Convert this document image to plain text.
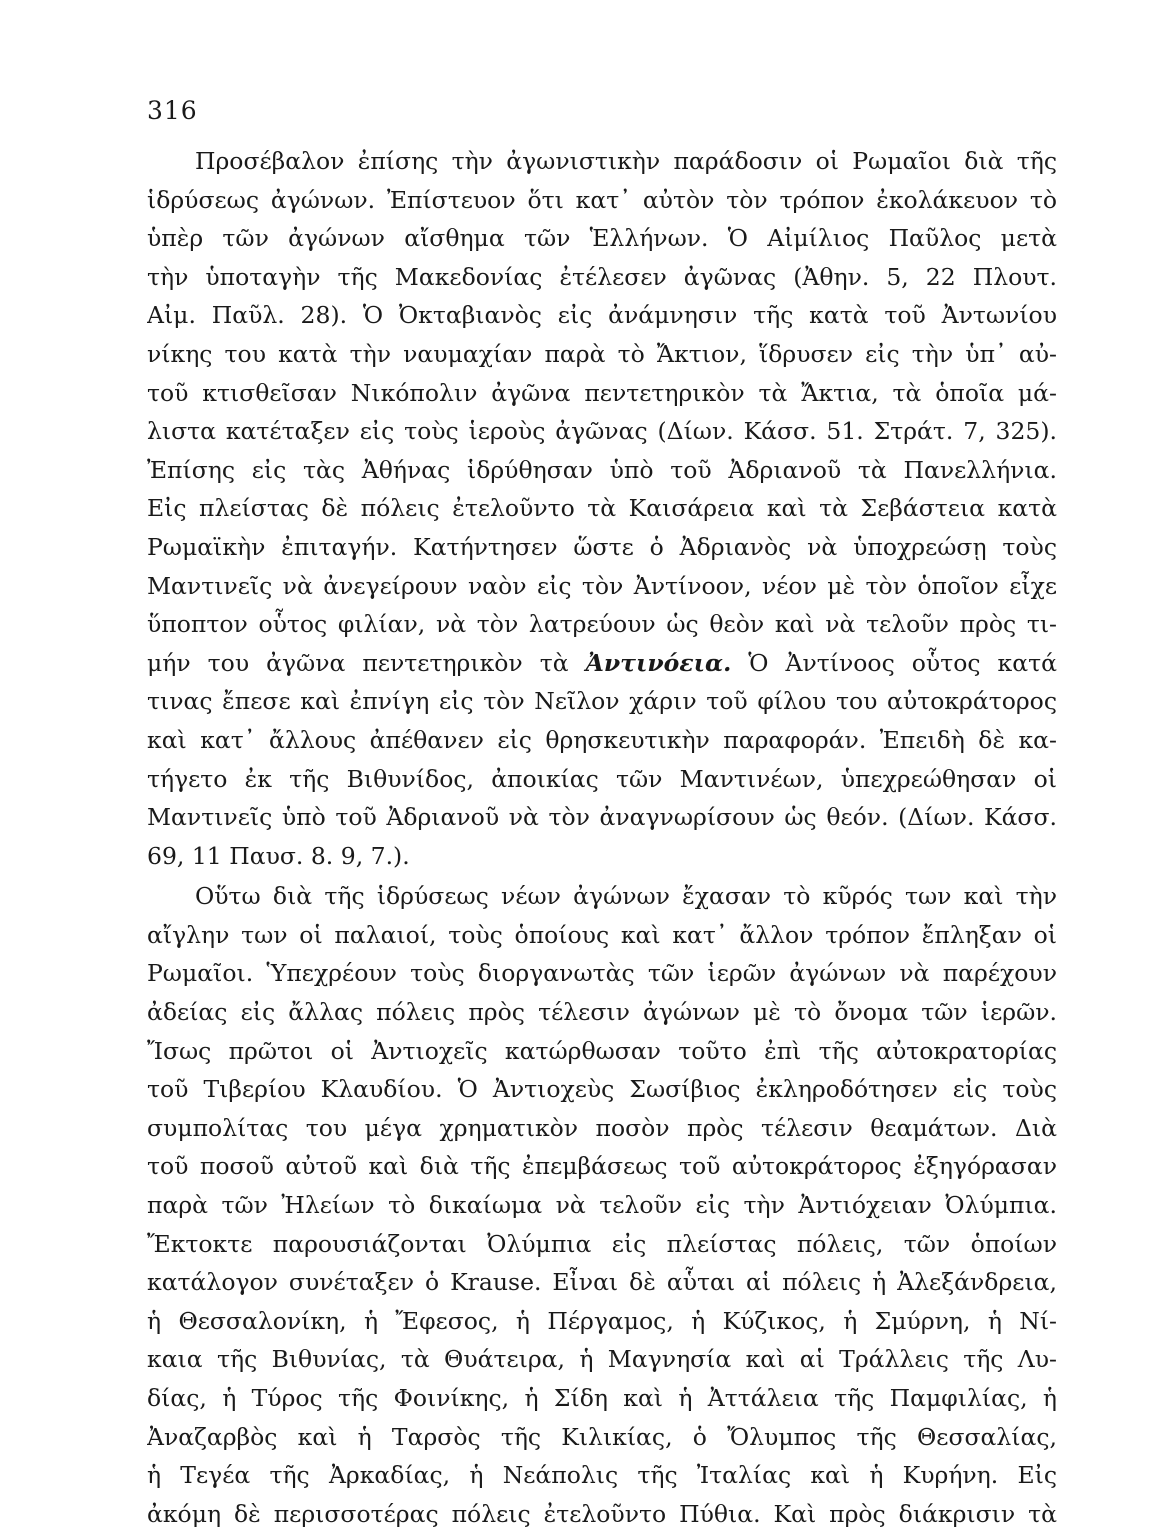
316
Προσέβαλον ἐπίσης τὴν ἀγωνιστικὴν παράδοσιν οἱ Ρωμαῖοι διὰ τῆς
ἱδρύσεως ἀγώνων. Ἐπίστευον ὅτι κατ᾽ αὐτὸν τὸν τρόπον ἐκολάκευον τὸ
ὑπὲρ τῶν ἀγώνων αἴσθημα τῶν Ἑλλήνων. Ὁ Αἰμίλιος Παῦλος μετὰ
τὴν ὑποταγὴν τῆς Μακεδονίας ἐτέλεσεν ἀγῶνας (Ἀθην. 5, 22 Πλουτ.
Αἰμ. Παῦλ. 28). Ὁ Ὀκταβιανὸς εἰς ἀνάμνησιν τῆς κατὰ τοῦ Ἀντωνίου
νίκης του κατὰ τὴν ναυμαχίαν παρὰ τὸ Ἄκτιον, ἵδρυσεν εἰς τὴν ὑπ᾽ αὐ-
τοῦ κτισθεῖσαν Νικόπολιν ἀγῶνα πεντετηρικὸν τὰ Ἄκτια, τὰ ὁποῖα μά-
λιστα κατέταξεν εἰς τοὺς ἱεροὺς ἀγῶνας (Δίων. Κάσσ. 51. Στράτ. 7, 325).
Ἐπίσης εἰς τὰς Ἀθήνας ἱδρύθησαν ὑπὸ τοῦ Ἀδριανοῦ τὰ Πανελλήνια.
Εἰς πλείστας δὲ πόλεις ἐτελοῦντο τὰ Καισάρεια καὶ τὰ Σεβάστεια κατὰ
Ρωμαϊκὴν ἐπιταγήν. Κατήντησεν ὥστε ὁ Ἀδριανὸς νὰ ὑποχρεώσῃ τοὺς
Μαντινεῖς νὰ ἀνεγείρουν ναὸν εἰς τὸν Ἀντίνοον, νέον μὲ τὸν ὁποῖον εἶχε
ὕποπτον οὗτος φιλίαν, νὰ τὸν λατρεύουν ὡς θεὸν καὶ νὰ τελοῦν πρὸς τι-
μήν του ἀγῶνα πεντετηρικὸν τὰ Ἀντινόεια. Ὁ Ἀντίνοος οὗτος κατά
τινας ἔπεσε καὶ ἐπνίγη εἰς τὸν Νεῖλον χάριν τοῦ φίλου του αὐτοκράτορος
καὶ κατ᾽ ἄλλους ἀπέθανεν εἰς θρησκευτικὴν παραφοράν. Ἐπειδὴ δὲ κα-
τήγετο ἐκ τῆς Βιθυνίδος, ἀποικίας τῶν Μαντινέων, ὑπεχρεώθησαν οἱ
Μαντινεῖς ὑπὸ τοῦ Ἀδριανοῦ νὰ τὸν ἀναγνωρίσουν ὡς θεόν. (Δίων. Κάσσ.
69, 11 Παυσ. 8. 9, 7.).
Οὕτω διὰ τῆς ἱδρύσεως νέων ἀγώνων ἔχασαν τὸ κῦρός των καὶ τὴν
αἴγλην των οἱ παλαιοί, τοὺς ὁποίους καὶ κατ᾽ ἄλλον τρόπον ἔπληξαν οἱ
Ρωμαῖοι. Ὑπεχρέουν τοὺς διοργανωτὰς τῶν ἱερῶν ἀγώνων νὰ παρέχουν
ἀδείας εἰς ἄλλας πόλεις πρὸς τέλεσιν ἀγώνων μὲ τὸ ὄνομα τῶν ἱερῶν.
Ἴσως πρῶτοι οἱ Ἀντιοχεῖς κατώρθωσαν τοῦτο ἐπὶ τῆς αὐτοκρατορίας
τοῦ Τιβερίου Κλαυδίου. Ὁ Ἀντιοχεὺς Σωσίβιος ἐκληροδότησεν εἰς τοὺς
συμπολίτας του μέγα χρηματικὸν ποσὸν πρὸς τέλεσιν θεαμάτων. Διὰ
τοῦ ποσοῦ αὐτοῦ καὶ διὰ τῆς ἐπεμβάσεως τοῦ αὐτοκράτορος ἐξηγόρασαν
παρὰ τῶν Ἠλείων τὸ δικαίωμα νὰ τελοῦν εἰς τὴν Ἀντιόχειαν Ὀλύμπια.
Ἔκτοκτε παρουσιάζονται Ὀλύμπια εἰς πλείστας πόλεις, τῶν ὁποίων
κατάλογον συνέταξεν ὁ Krause. Εἶναι δὲ αὗται αἱ πόλεις ἡ Ἀλεξάνδρεια,
ἡ Θεσσαλονίκη, ἡ Ἔφεσος, ἡ Πέργαμος, ἡ Κύζικος, ἡ Σμύρνη, ἡ Νί-
καια τῆς Βιθυνίας, τὰ Θυάτειρα, ἡ Μαγνησία καὶ αἱ Τράλλεις τῆς Λυ-
δίας, ἡ Τύρος τῆς Φοινίκης, ἡ Σίδη καὶ ἡ Ἀττάλεια τῆς Παμφιλίας, ἡ
Ἀναζαρβὸς καὶ ἡ Ταρσὸς τῆς Κιλικίας, ὁ Ὄλυμπος τῆς Θεσσαλίας,
ἡ Τεγέα τῆς Ἀρκαδίας, ἡ Νεάπολις τῆς Ἰταλίας καὶ ἡ Κυρήνη. Εἰς
ἀκόμη δὲ περισσοτέρας πόλεις ἐτελοῦντο Πύθια. Καὶ πρὸς διάκρισιν τὰ
